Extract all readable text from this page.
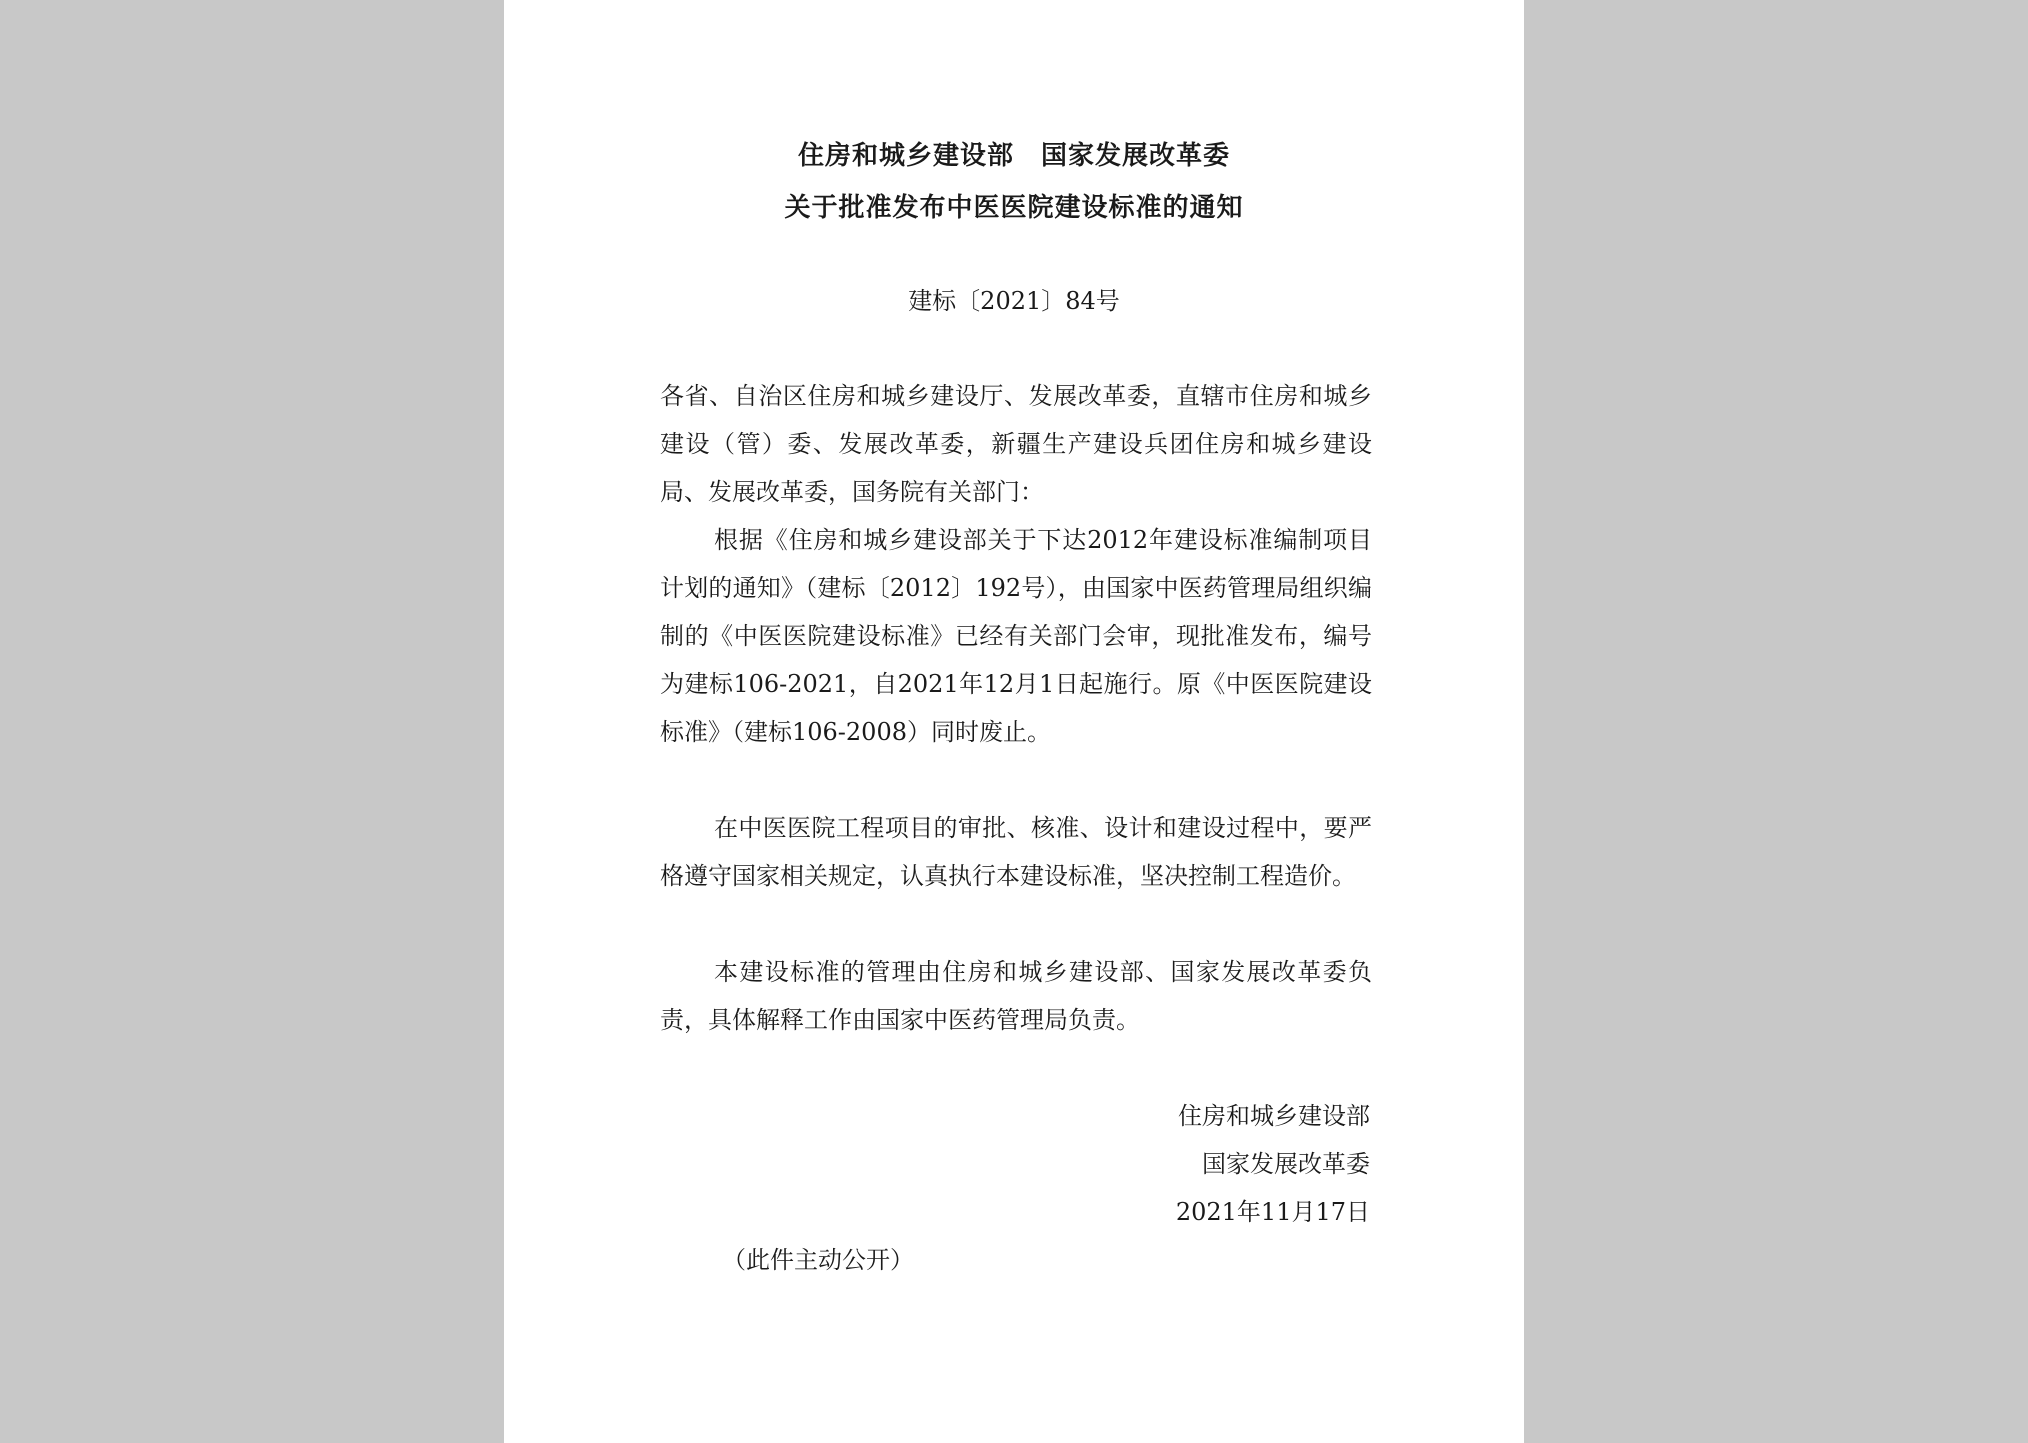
住房和城乡建设部　国家发展改革委
关于批准发布中医医院建设标准的通知
建标〔2021〕84号
各省、自治区住房和城乡建设厅、发展改革委，直辖市住房和城乡建设（管）委、发展改革委，新疆生产建设兵团住房和城乡建设局、发展改革委，国务院有关部门：
根据《住房和城乡建设部关于下达2012年建设标准编制项目计划的通知》（建标〔2012〕192号），由国家中医药管理局组织编制的《中医医院建设标准》已经有关部门会审，现批准发布，编号为建标106-2021，自2021年12月1日起施行。原《中医医院建设标准》（建标106-2008）同时废止。
在中医医院工程项目的审批、核准、设计和建设过程中，要严格遵守国家相关规定，认真执行本建设标准，坚决控制工程造价。
本建设标准的管理由住房和城乡建设部、国家发展改革委负责，具体解释工作由国家中医药管理局负责。
住房和城乡建设部
国家发展改革委
2021年11月17日
（此件主动公开）
